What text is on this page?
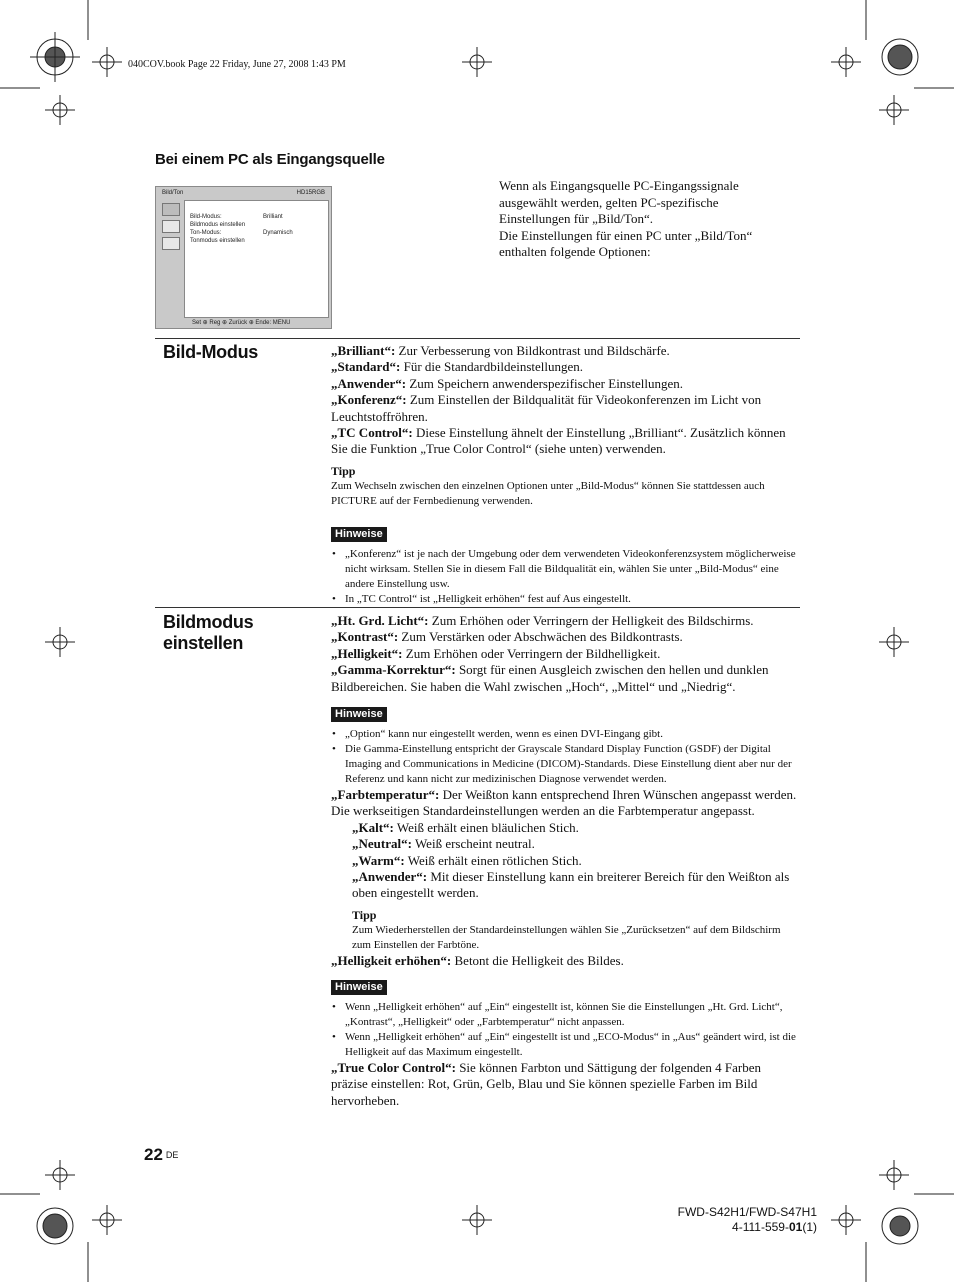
040COV.book Page 22 Friday, June 27, 2008 1:43 PM
Bei einem PC als Eingangsquelle
Bild/Ton	HD15RGB
Bild-Modus:
Bildmodus einstellen
Ton-Modus:
Tonmodus einstellen
Brilliant

Dynamisch

Set ⊕ Reg ⊕ Zurück ⊕ Ende: MENU
Wenn als Eingangsquelle PC-Eingangssignale
ausgewählt werden, gelten PC-spezifische
Einstellungen für „Bild/Ton“.
Die Einstellungen für einen PC unter „Bild/Ton“
enthalten folgende Optionen:
Bild-Modus	„Brilliant“: Zur Verbesserung von Bildkontrast und Bildschärfe.

„Standard“: Für die Standardbildeinstellungen.

„Anwender“: Zum Speichern anwenderspezifischer Einstellungen.

„Konferenz“: Zum Einstellen der Bildqualität für Videokonferenzen im Licht von Leuchtstoffröhren.

„TC Control“: Diese Einstellung ähnelt der Einstellung „Brilliant“. Zusätzlich können Sie die Funktion „True Color Control“ (siehe unten) verwenden.

Tipp

Zum Wechseln zwischen den einzelnen Optionen unter „Bild-Modus“ können Sie stattdessen auch PICTURE auf der Fernbedienung verwenden.

Hinweise
• „Konferenz“ ist je nach der Umgebung oder dem verwendeten Videokonferenzsystem möglicherweise nicht wirksam. Stellen Sie in diesem Fall die Bildqualität ein, wählen Sie unter „Bild-Modus“ eine andere Einstellung usw.
• In „TC Control“ ist „Helligkeit erhöhen“ fest auf Aus eingestellt.
Bildmodus
einstellen

„Ht. Grd. Licht“: Zum Erhöhen oder Verringern der Helligkeit des Bildschirms.

„Kontrast“: Zum Verstärken oder Abschwächen des Bildkontrasts.

„Helligkeit“: Zum Erhöhen oder Verringern der Bildhelligkeit.

„Gamma-Korrektur“: Sorgt für einen Ausgleich zwischen den hellen und dunklen Bildbereichen. Sie haben die Wahl zwischen „Hoch“, „Mittel“ und „Niedrig“.

Hinweise
• „Option“ kann nur eingestellt werden, wenn es einen DVI-Eingang gibt.
• Die Gamma-Einstellung entspricht der Grayscale Standard Display Function (GSDF) der Digital Imaging and Communications in Medicine (DICOM)-Standards. Diese Einstellung dient aber nur der Referenz und kann nicht zur medizinischen Diagnose verwendet werden.

„Farbtemperatur“: Der Weißton kann entsprechend Ihren Wünschen angepasst werden. Die werkseitigen Standardeinstellungen werden an die Farbtemperatur angepasst.

„Kalt“: Weiß erhält einen bläulichen Stich.

„Neutral“: Weiß erscheint neutral.

„Warm“: Weiß erhält einen rötlichen Stich.

„Anwender“: Mit dieser Einstellung kann ein breiterer Bereich für den Weißton als oben eingestellt werden.

Tipp

Zum Wiederherstellen der Standardeinstellungen wählen Sie „Zurücksetzen“ auf dem Bildschirm zum Einstellen der Farbtöne.

„Helligkeit erhöhen“: Betont die Helligkeit des Bildes.

Hinweise
• Wenn „Helligkeit erhöhen“ auf „Ein“ eingestellt ist, können Sie die Einstellungen „Ht. Grd. Licht“, „Kontrast“, „Helligkeit“ oder „Farbtemperatur“ nicht anpassen.
• Wenn „Helligkeit erhöhen“ auf „Ein“ eingestellt ist und „ECO-Modus“ in „Aus“ geändert wird, ist die Helligkeit auf das Maximum eingestellt.

„True Color Control“: Sie können Farbton und Sättigung der folgenden 4 Farben präzise einstellen: Rot, Grün, Gelb, Blau und Sie können spezielle Farben im Bild hervorheben.

22 DE
FWD-S42H1/FWD-S47H1
4-111-559-01(1)
